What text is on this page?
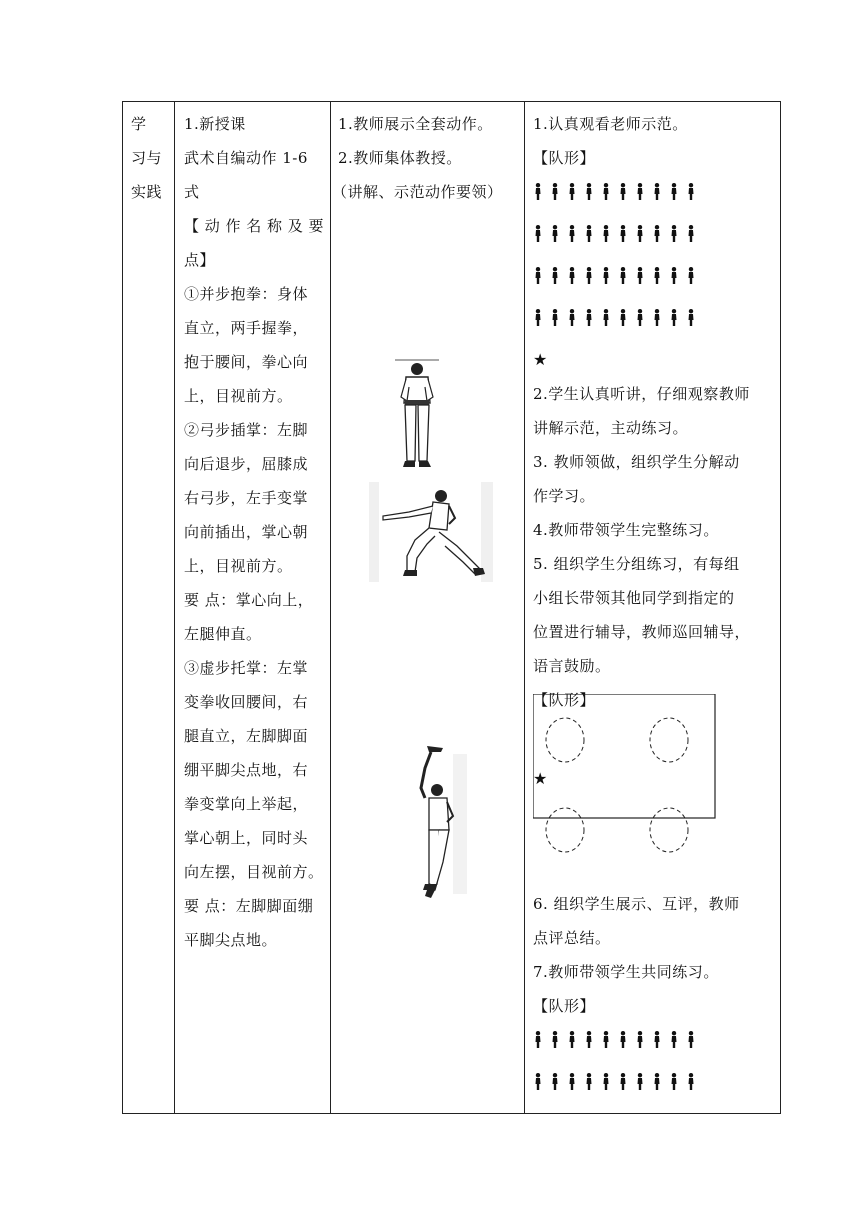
学
习与
实践

1.新授课
武术自编动作 1-6
式
【动作名称及要
点】
①并步抱拳：身体
直立，两手握拳，
抱于腰间，拳心向
上，目视前方。
②弓步插掌：左脚
向后退步，屈膝成
右弓步，左手变掌
向前插出，掌心朝
上，目视前方。
要 点：掌心向上，
左腿伸直。
③虚步托掌：左掌
变拳收回腰间，右
腿直立，左脚脚面
绷平脚尖点地，右
拳变掌向上举起，
掌心朝上，同时头
向左摆，目视前方。
要 点：左脚脚面绷
平脚尖点地。

1.教师展示全套动作。
2.教师集体教授。
（讲解、示范动作要领）

1.认真观看老师示范。
【队形】
★
2.学生认真听讲，仔细观察教师
讲解示范，主动练习。
3. 教师领做，组织学生分解动
作学习。
4.教师带领学生完整练习。
5. 组织学生分组练习，有每组
小组长带领其他同学到指定的
位置进行辅导，教师巡回辅导，
语言鼓励。
【队形】
★
6. 组织学生展示、互评，教师
点评总结。
7.教师带领学生共同练习。
【队形】
